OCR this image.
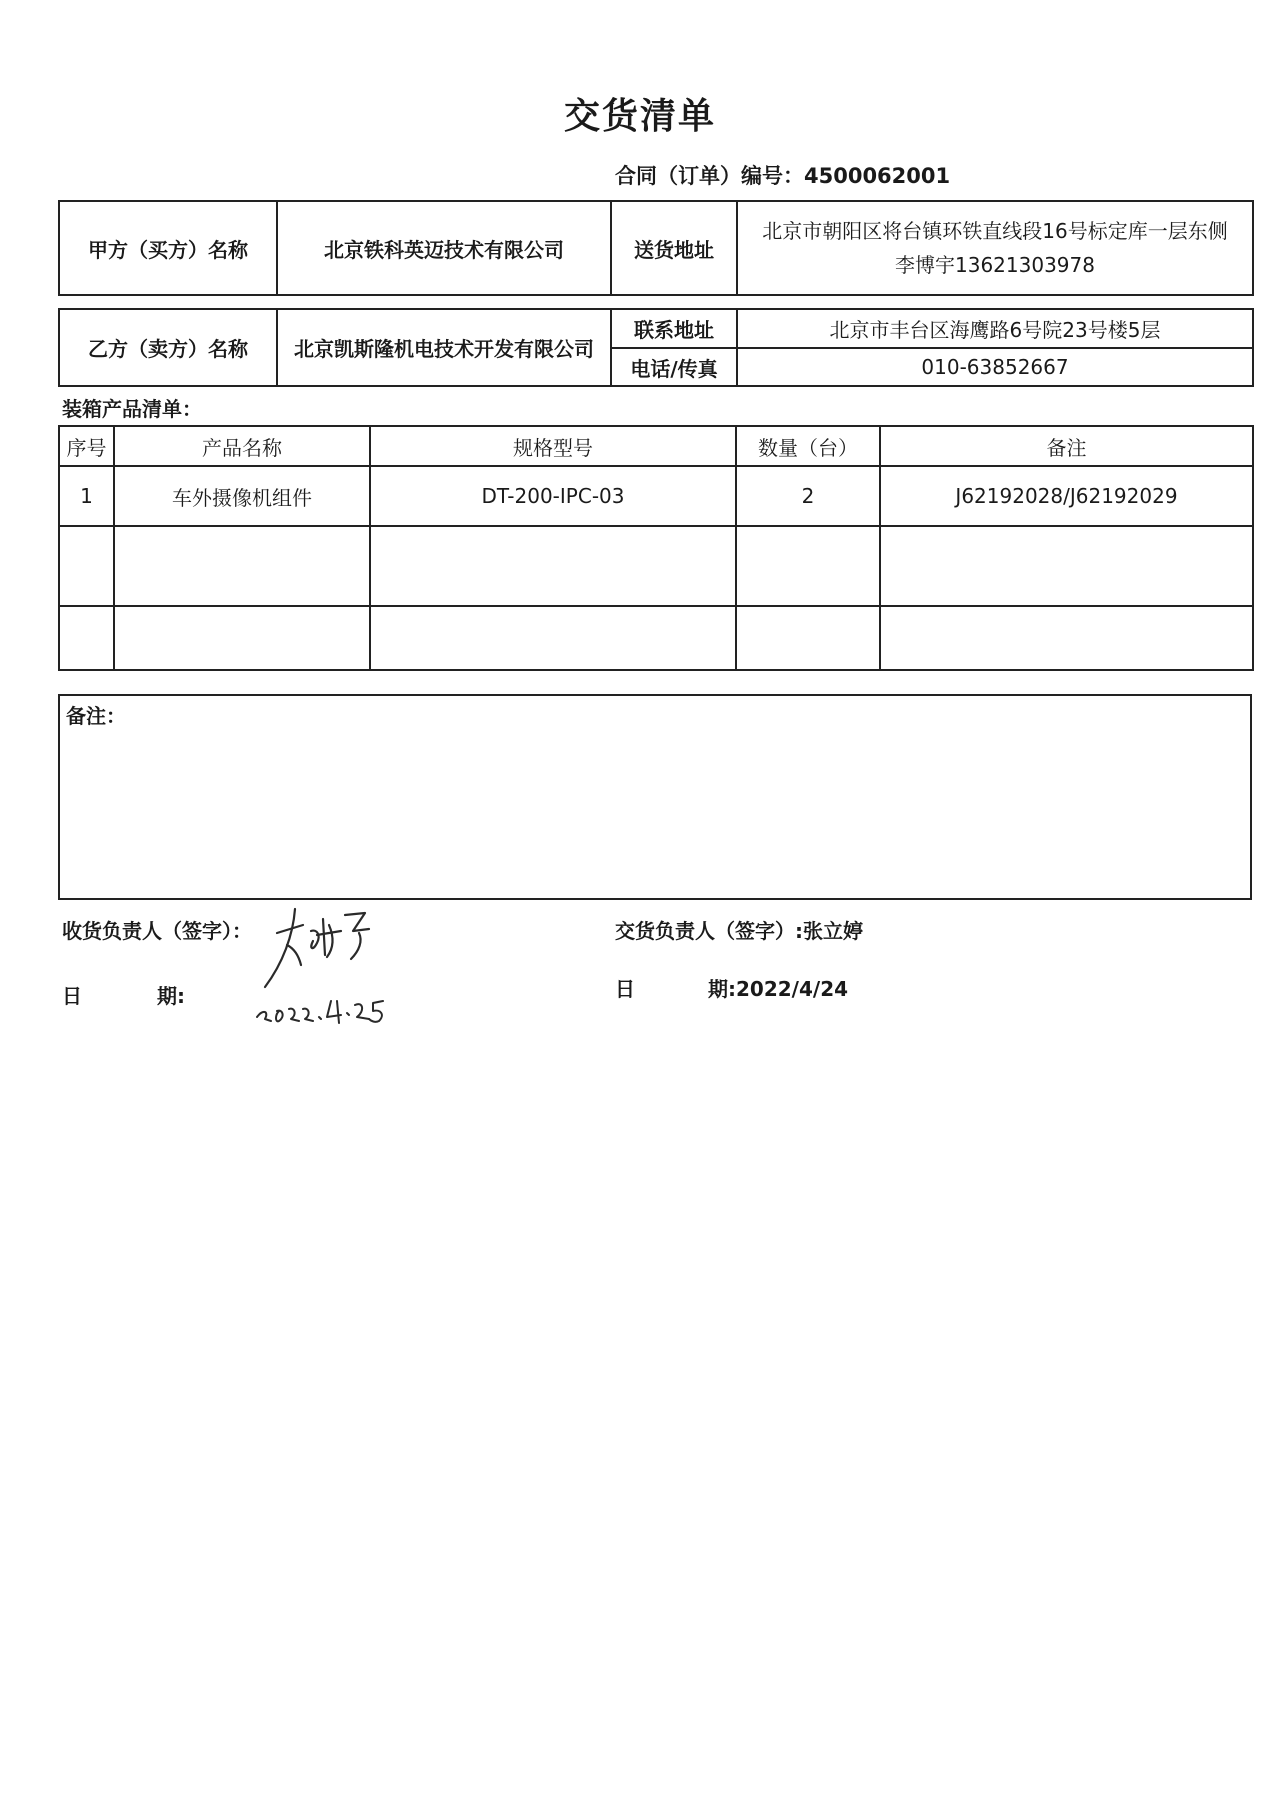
交货清单
合同（订单）编号：4500062001
甲方（买方）名称	北京铁科英迈技术有限公司	送货地址	
北京市朝阳区将台镇环铁直线段16号标定库一层东侧
李博宇13621303978
乙方（卖方）名称	北京凯斯隆机电技术开发有限公司	联系地址	北京市丰台区海鹰路6号院23号楼5层
		电话/传真	010-63852667
装箱产品清单：
序号	产品名称	规格型号	数量（台）	备注
1	车外摄像机组件	DT-200-IPC-03	2	J62192028/J62192029

备注：
收货负责人（签字）：
日	期:
交货负责人（签字）:张立婷
日	期:2022/4/24
